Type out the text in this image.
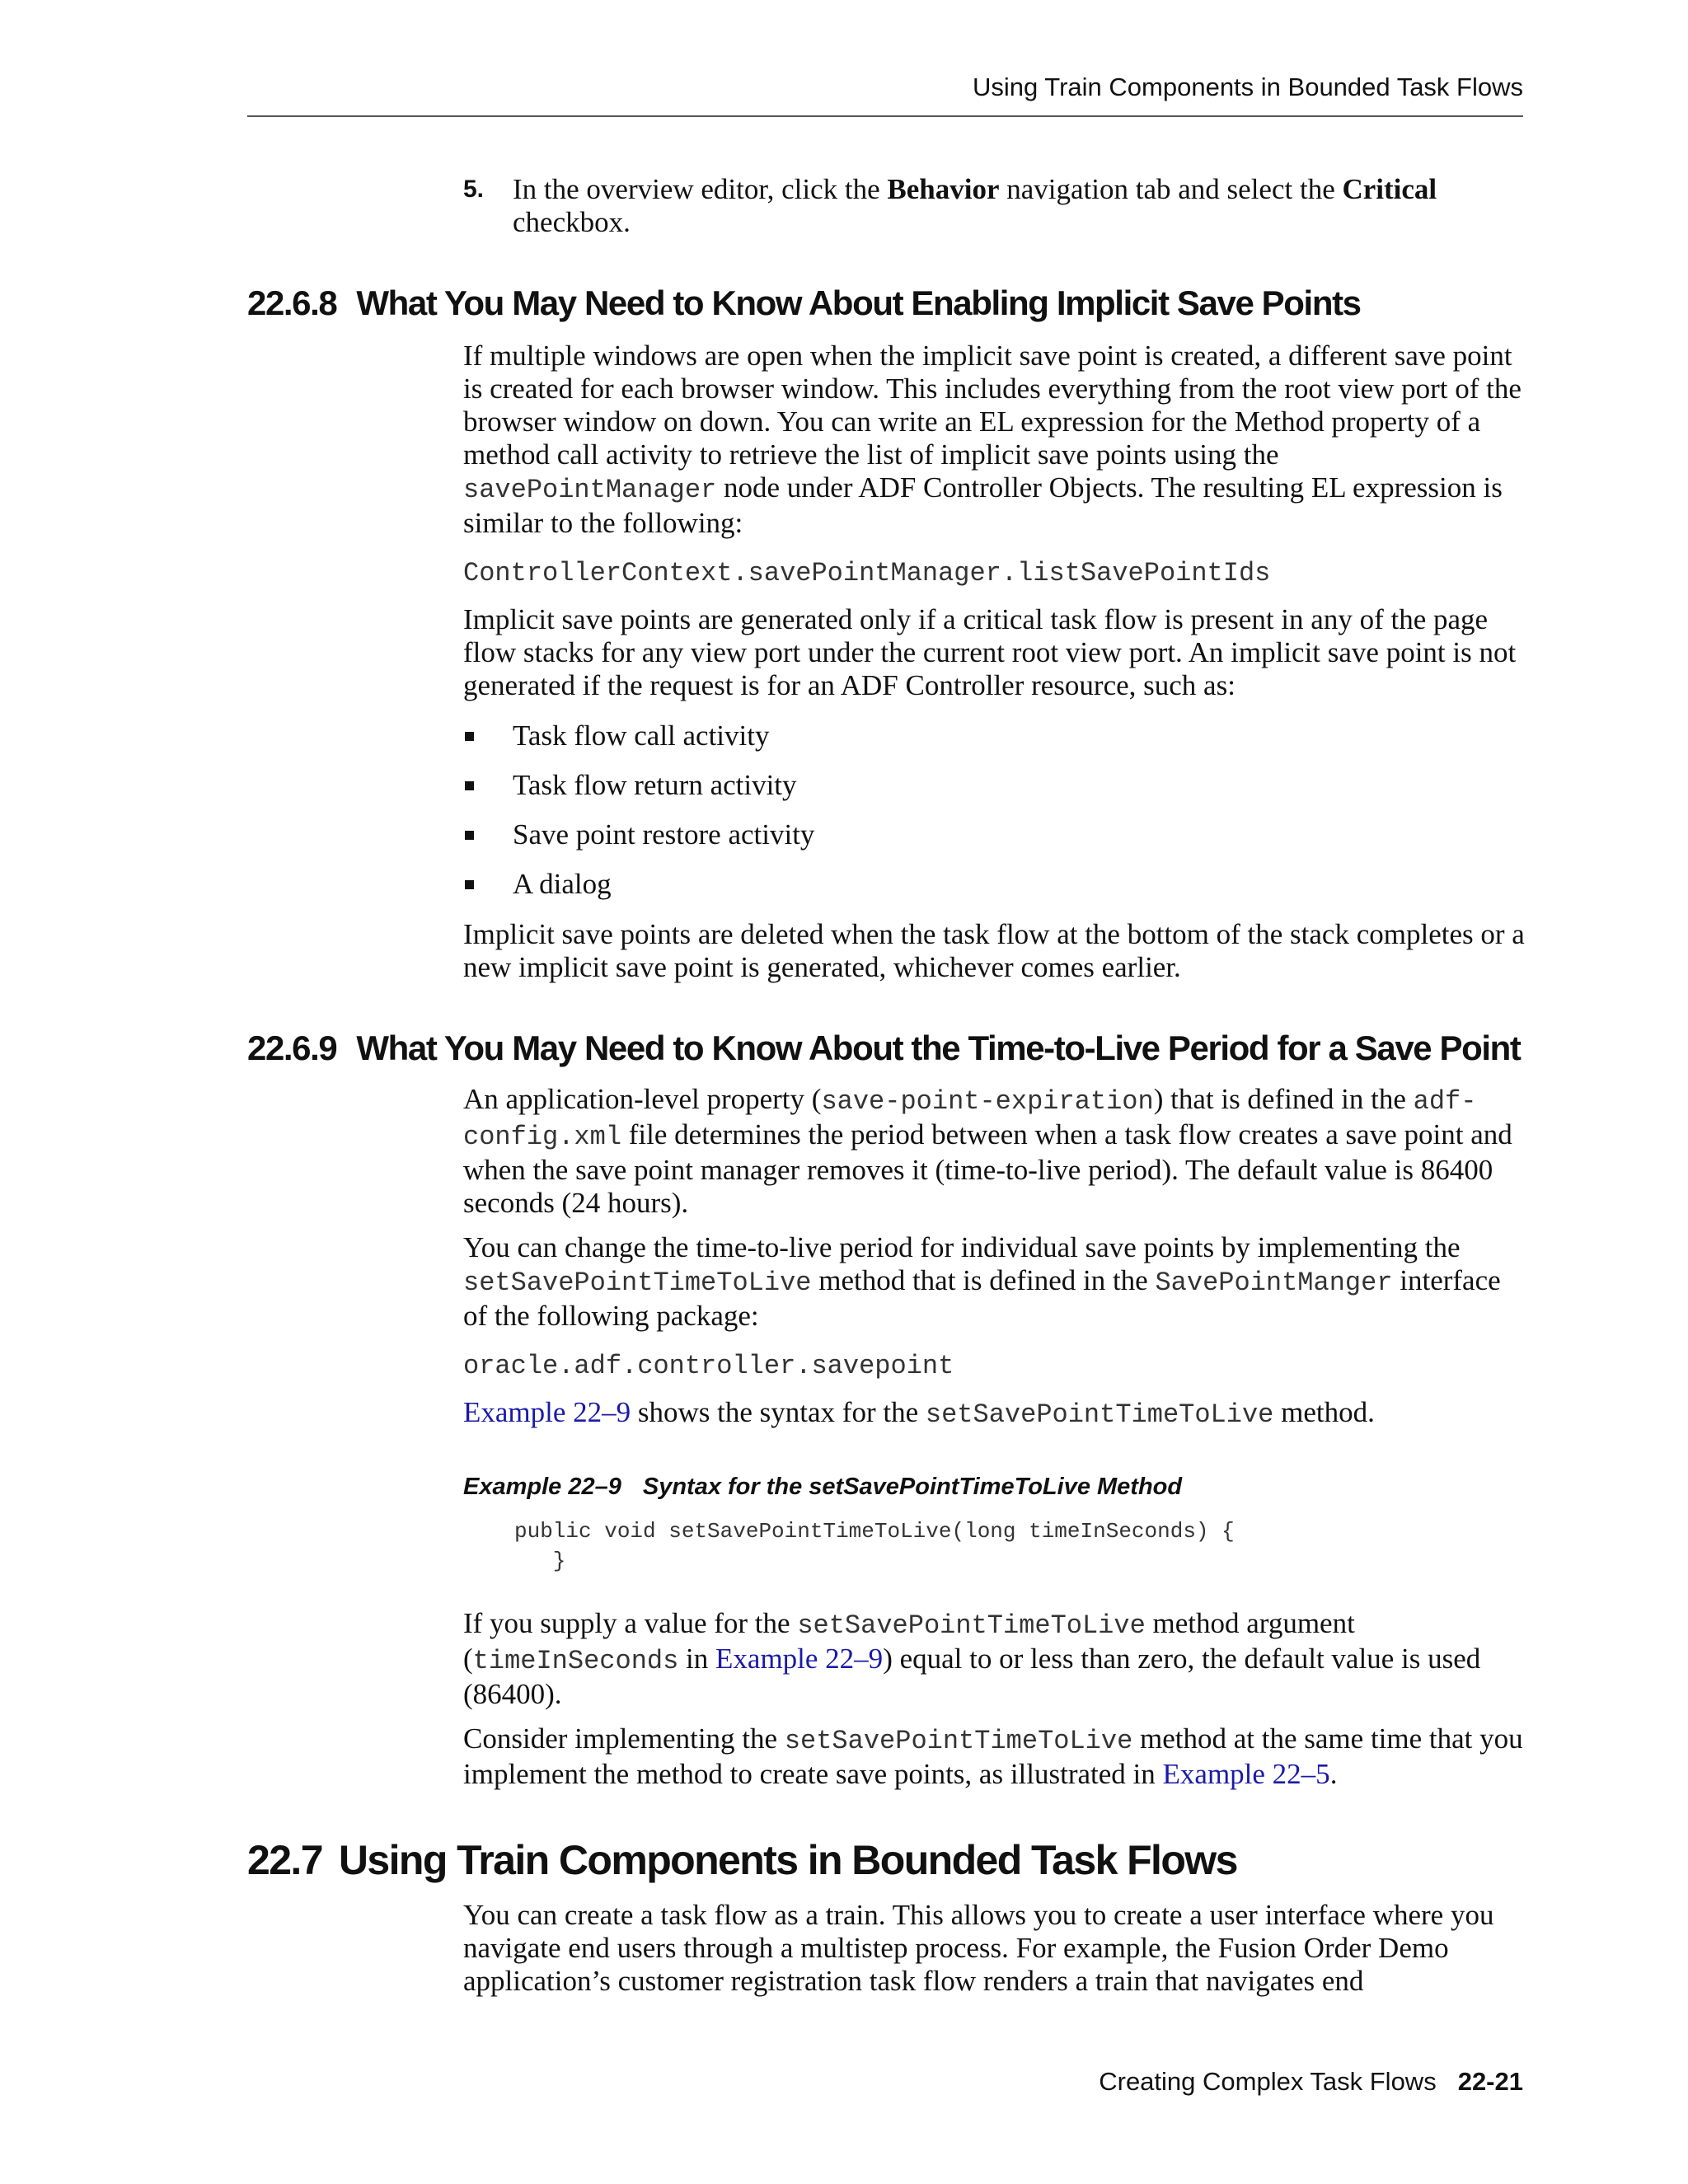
Using Train Components in Bounded Task Flows
5. In the overview editor, click the Behavior navigation tab and select the Critical checkbox.
22.6.8 What You May Need to Know About Enabling Implicit Save Points

If multiple windows are open when the implicit save point is created, a different save point is created for each browser window. This includes everything from the root view port of the browser window on down. You can write an EL expression for the Method property of a method call activity to retrieve the list of implicit save points using the savePointManager node under ADF Controller Objects. The resulting EL expression is similar to the following:

ControllerContext.savePointManager.listSavePointIds

Implicit save points are generated only if a critical task flow is present in any of the page flow stacks for any view port under the current root view port. An implicit save point is not generated if the request is for an ADF Controller resource, such as:

Task flow call activity
Task flow return activity
Save point restore activity
A dialog

Implicit save points are deleted when the task flow at the bottom of the stack completes or a new implicit save point is generated, whichever comes earlier.

22.6.9 What You May Need to Know About the Time-to-Live Period for a Save Point

An application-level property (save-point-expiration) that is defined in the adf-config.xml file determines the period between when a task flow creates a save point and when the save point manager removes it (time-to-live period). The default value is 86400 seconds (24 hours).

You can change the time-to-live period for individual save points by implementing the setSavePointTimeToLive method that is defined in the SavePointManger interface of the following package:

oracle.adf.controller.savepoint

Example 22–9 shows the syntax for the setSavePointTimeToLive method.

Example 22–9 Syntax for the setSavePointTimeToLive Method
public void setSavePointTimeToLive(long timeInSeconds) {
}

If you supply a value for the setSavePointTimeToLive method argument (timeInSeconds in Example 22–9) equal to or less than zero, the default value is used (86400).

Consider implementing the setSavePointTimeToLive method at the same time that you implement the method to create save points, as illustrated in Example 22–5.

22.7 Using Train Components in Bounded Task Flows

You can create a task flow as a train. This allows you to create a user interface where you navigate end users through a multistep process. For example, the Fusion Order Demo application’s customer registration task flow renders a train that navigates end

Creating Complex Task Flows 22-21
